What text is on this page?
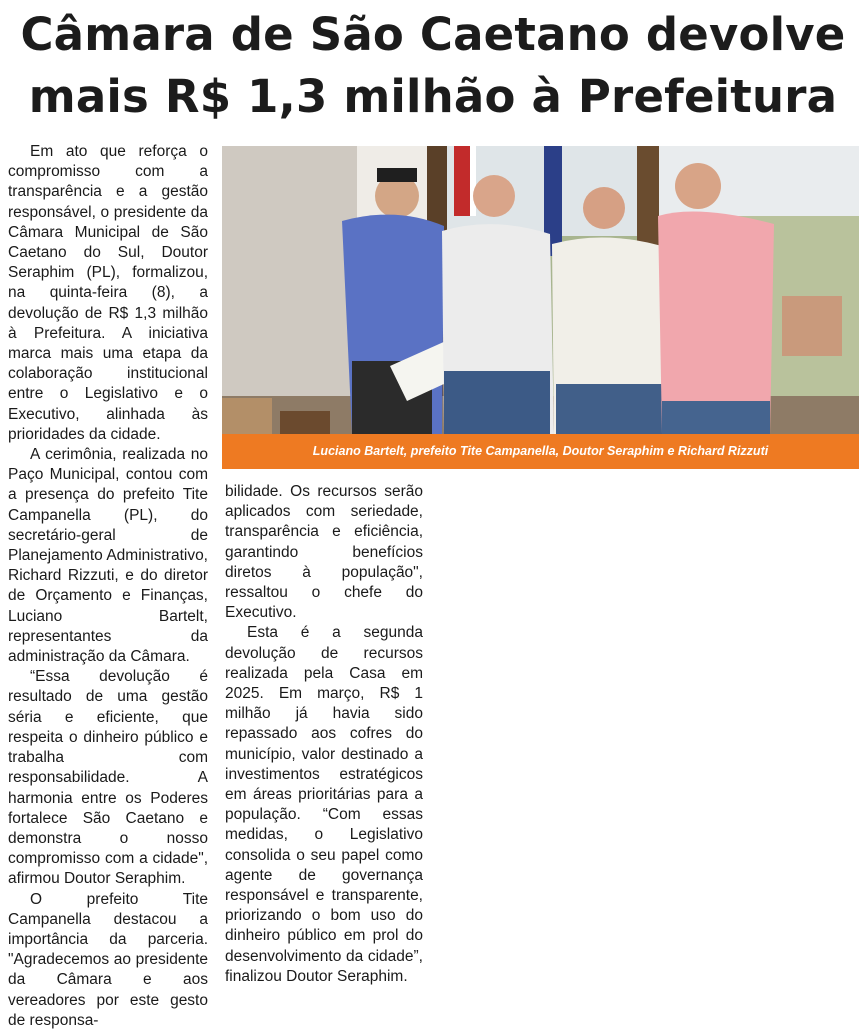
Câmara de São Caetano devolve
mais R$ 1,3 milhão à Prefeitura

Em ato que reforça o compromisso com a transparência e a gestão responsável, o presidente da Câmara Municipal de São Caetano do Sul, Doutor Seraphim (PL), formalizou, na quinta-feira (8), a devolução de R$ 1,3 milhão à Prefeitura. A iniciativa marca mais uma etapa da colaboração institucional entre o Legislativo e o Executivo, alinhada às prioridades da cidade.

A cerimônia, realizada no Paço Municipal, contou com a presença do prefeito Tite Campanella (PL), do secretário-geral de Planejamento Administrativo, Richard Rizzuti, e do diretor de Orçamento e Finanças, Luciano Bartelt, representantes da administração da Câmara.

“Essa devolução é resultado de uma gestão séria e eficiente, que respeita o dinheiro público e trabalha com responsabilidade. A harmonia entre os Poderes fortalece São Caetano e demonstra o nosso compromisso com a cidade", afirmou Doutor Seraphim.

O prefeito Tite Campanella destacou a importância da parceria. "Agradecemos ao presidente da Câmara e aos vereadores por este gesto de responsa-

Luciano Bartelt, prefeito Tite Campanella, Doutor Seraphim e Richard Rizzuti

bilidade. Os recursos serão aplicados com seriedade, transparência e eficiência, garantindo benefícios diretos à população", ressaltou o chefe do Executivo.

Esta é a segunda devolução de recursos realizada pela Casa em 2025. Em março, R$ 1 milhão já havia sido repassado aos cofres do município, valor destinado a investimentos estratégicos em áreas prioritárias para a população. “Com essas medidas, o Legislativo consolida o seu papel como agente de governança responsável e transparente, priorizando o bom uso do dinheiro público em prol do desenvolvimento da cidade”, finalizou Doutor Seraphim.
